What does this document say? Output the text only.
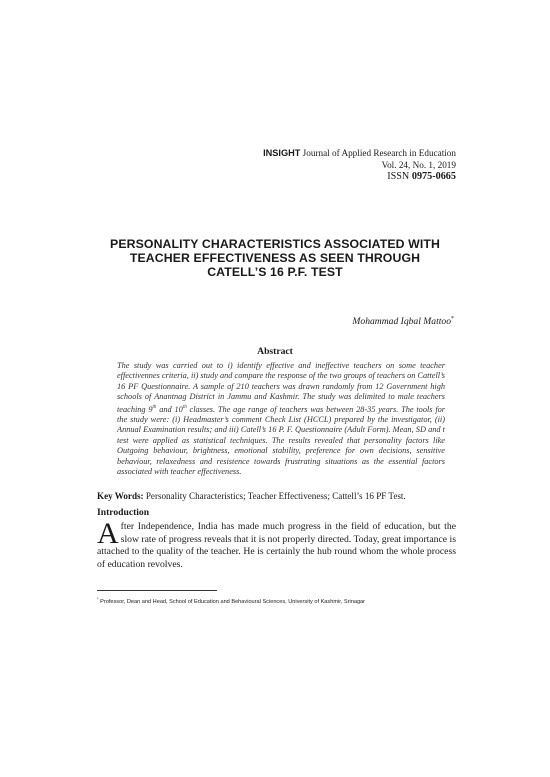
INSIGHT Journal of Applied Research in Education
Vol. 24, No. 1, 2019
ISSN 0975-0665
PERSONALITY CHARACTERISTICS ASSOCIATED WITH
TEACHER EFFECTIVENESS AS SEEN THROUGH
CATELL’S 16 P.F. TEST
Mohammad Iqbal Mattoo*
Abstract
The study was carried out to i) identify effective and ineffective teachers on some teacher effectivennes criteria, ii) study and compare the response of the two groups of teachers on Cattell’s 16 PF Questionnaire. A sample of 210 teachers was drawn randomly from 12 Government high schools of Anantnag District in Jammu and Kashmir. The study was delimited to male teachers teaching 9th and 10th classes. The age range of teachers was between 28-35 years. The tools for the study were: (i) Headmaster’s comment Check List (HCCL) prepared by the investigator, (ii) Annual Examination results; and iii) Catell’s 16 P. F. Questionnaire (Adult Form). Mean, SD and t test were applied as statistical techniques. The results revealed that personality factors like Outgoing behaviour, brightness, emotional stability, preference for own decisions, sensitive behaviour, relaxedness and resistence towards frustrating situations as the essential factors associated with teacher effectiveness.
Key Words: Personality Characteristics; Teacher Effectiveness; Cattell’s 16 PF Test.
Introduction
After Independence, India has made much progress in the field of education, but the slow rate of progress reveals that it is not properly directed. Today, great importance is attached to the quality of the teacher. He is certainly the hub round whom the whole process of education revolves.
* Professor, Dean and Head, School of Education and Behavioural Sciences, University of Kashmir, Srinagar
